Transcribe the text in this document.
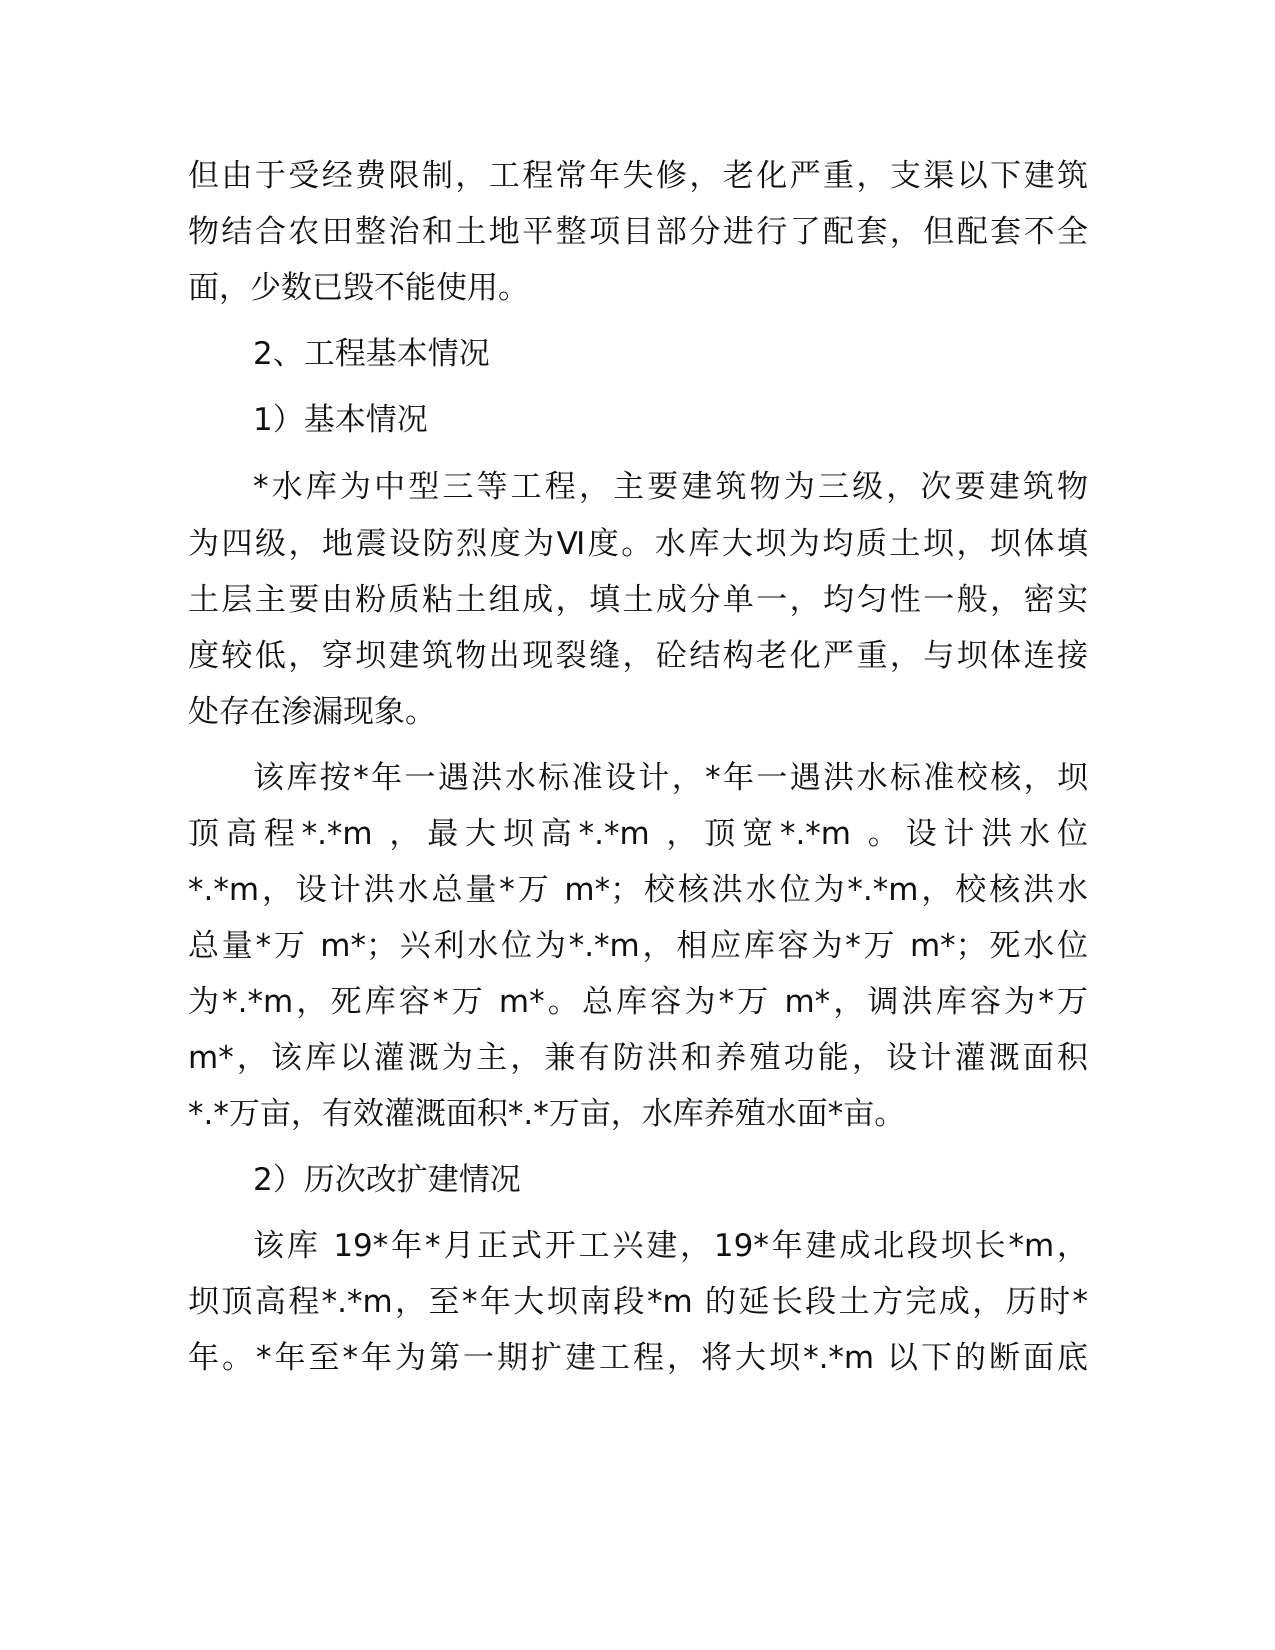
但由于受经费限制，工程常年失修，老化严重，支渠以下建筑
物结合农田整治和土地平整项目部分进行了配套，但配套不全
面，少数已毁不能使用。
2、工程基本情况
1）基本情况
*水库为中型三等工程，主要建筑物为三级，次要建筑物
为四级，地震设防烈度为Ⅵ度。水库大坝为均质土坝，坝体填
土层主要由粉质粘土组成，填土成分单一，均匀性一般，密实
度较低，穿坝建筑物出现裂缝，砼结构老化严重，与坝体连接
处存在渗漏现象。
该库按*年一遇洪水标准设计，*年一遇洪水标准校核，坝
顶高程*.*m ，最大坝高*.*m ，顶宽*.*m 。设计洪水位
*.*m，设计洪水总量*万 m*；校核洪水位为*.*m，校核洪水
总量*万 m*；兴利水位为*.*m，相应库容为*万 m*；死水位
为*.*m，死库容*万 m*。总库容为*万 m*，调洪库容为*万
m*，该库以灌溉为主，兼有防洪和养殖功能，设计灌溉面积
*.*万亩，有效灌溉面积*.*万亩，水库养殖水面*亩。
2）历次改扩建情况
该库 19*年*月正式开工兴建，19*年建成北段坝长*m，
坝顶高程*.*m，至*年大坝南段*m 的延长段土方完成，历时*
年。*年至*年为第一期扩建工程，将大坝*.*m 以下的断面底
